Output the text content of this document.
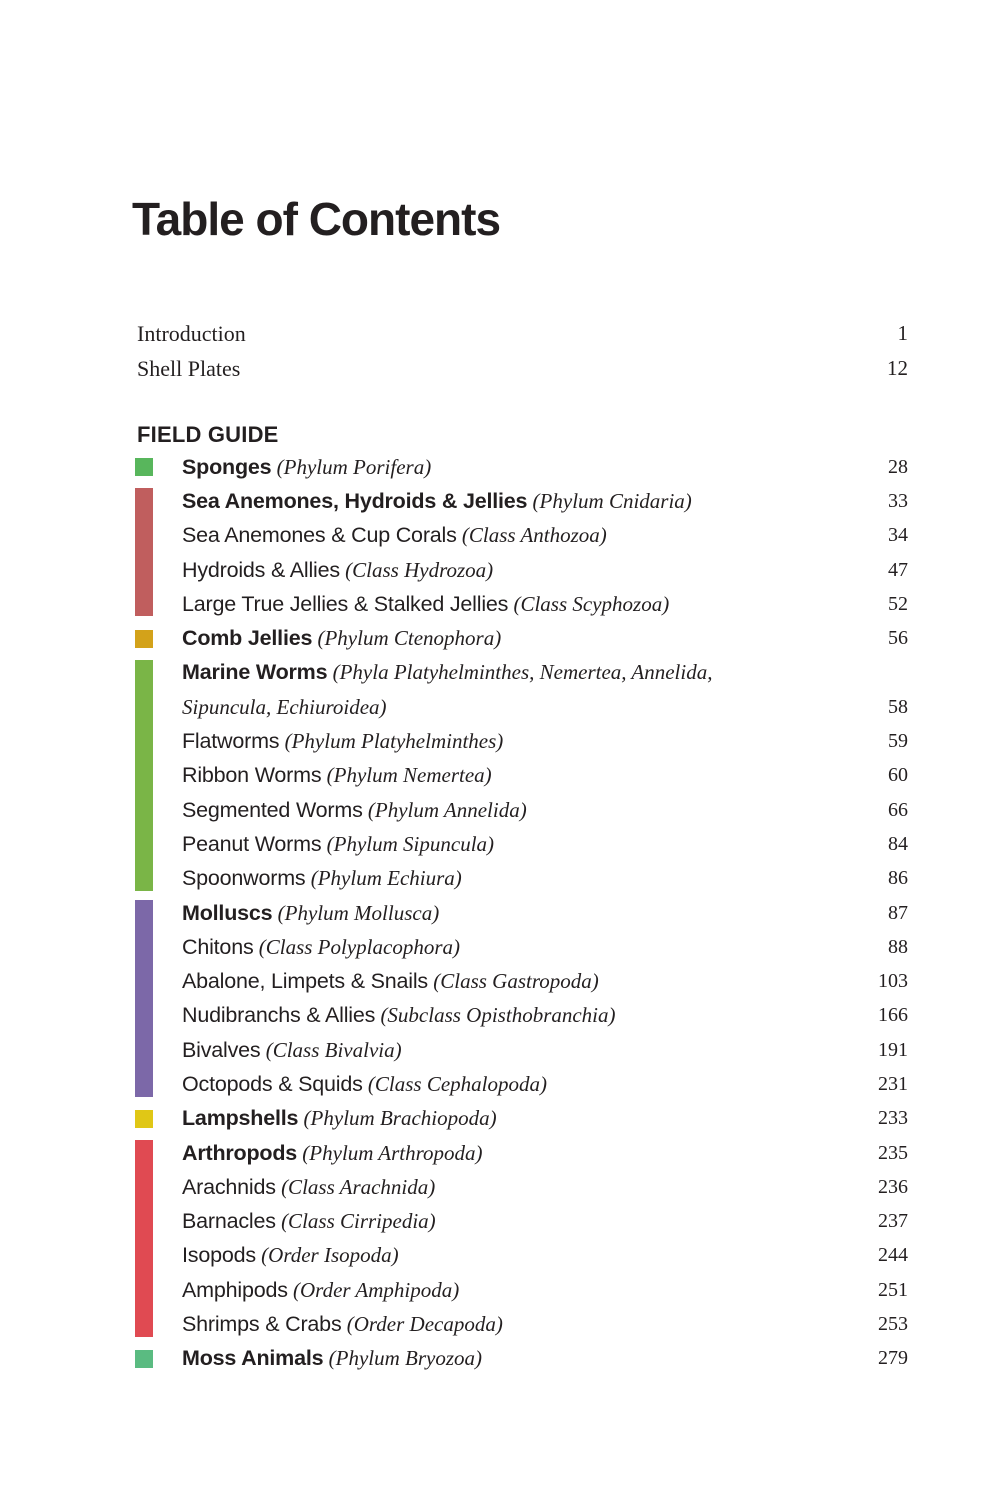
Table of Contents
Introduction	1
Shell Plates	12
FIELD GUIDE
Sponges (Phylum Porifera)	28
Sea Anemones, Hydroids & Jellies (Phylum Cnidaria)	33
Sea Anemones & Cup Corals (Class Anthozoa)	34
Hydroids & Allies (Class Hydrozoa)	47
Large True Jellies & Stalked Jellies (Class Scyphozoa)	52
Comb Jellies (Phylum Ctenophora)	56
Marine Worms (Phyla Platyhelminthes, Nemertea, Annelida,
Sipuncula, Echiuroidea)	58
Flatworms (Phylum Platyhelminthes)	59
Ribbon Worms (Phylum Nemertea)	60
Segmented Worms (Phylum Annelida)	66
Peanut Worms (Phylum Sipuncula)	84
Spoonworms (Phylum Echiura)	86
Molluscs (Phylum Mollusca)	87
Chitons (Class Polyplacophora)	88
Abalone, Limpets & Snails (Class Gastropoda)	103
Nudibranchs & Allies (Subclass Opisthobranchia)	166
Bivalves (Class Bivalvia)	191
Octopods & Squids (Class Cephalopoda)	231
Lampshells (Phylum Brachiopoda)	233
Arthropods (Phylum Arthropoda)	235
Arachnids (Class Arachnida)	236
Barnacles (Class Cirripedia)	237
Isopods (Order Isopoda)	244
Amphipods (Order Amphipoda)	251
Shrimps & Crabs (Order Decapoda)	253
Moss Animals (Phylum Bryozoa)	279
